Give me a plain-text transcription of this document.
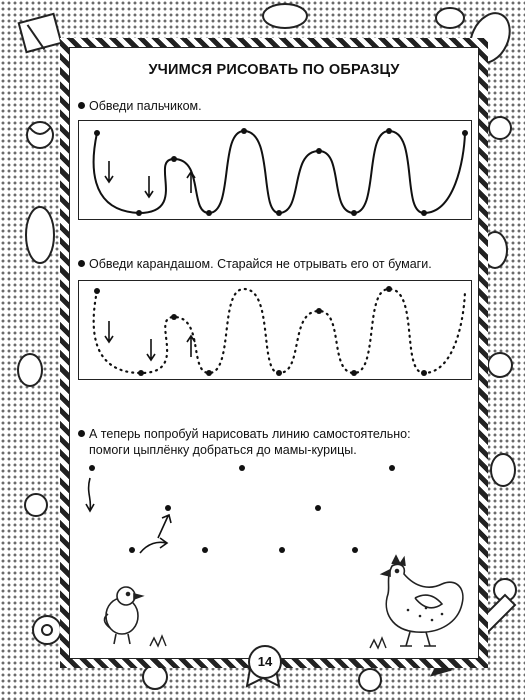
УЧИМСЯ РИСОВАТЬ ПО ОБРАЗЦУ
Обведи пальчиком.
Обведи карандашом. Старайся не отрывать его от бумаги.
А теперь попробуй нарисовать линию самостоятельно:
помоги цыплёнку добраться до мамы-курицы.
14
